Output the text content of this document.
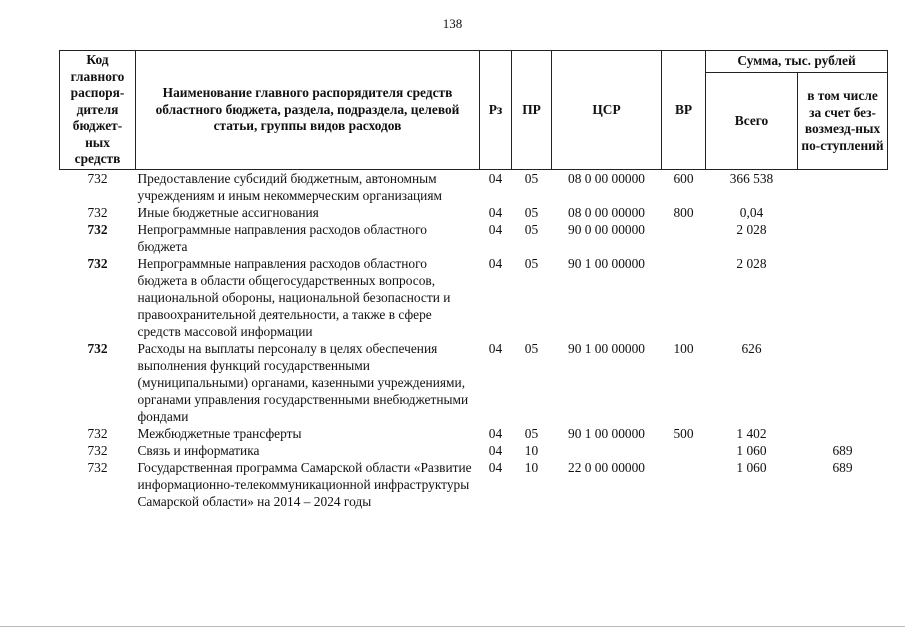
138
Код главного распоря-дителя бюджет-ных средств	Наименование главного распорядителя средств областного бюджета, раздела, подраздела, целевой статьи, группы видов расходов	Рз	ПР	ЦСР	ВР	Сумма, тыс. рублей	
						Всего	в том числе за счет без-возмезд-ных по-ступлений
732	Предоставление субсидий бюджетным, автономным учреждениям и иным некоммерческим организациям	04	05	08 0 00 00000	600	366 538	
732	Иные бюджетные ассигнования	04	05	08 0 00 00000	800	0,04	
732	Непрограммные направления расходов областного бюджета	04	05	90 0 00 00000		2 028	
732	Непрограммные направления расходов областного бюджета в области общегосударственных вопросов, национальной обороны, национальной безопасности и правоохранительной деятельности, а также в сфере средств массовой информации	04	05	90 1 00 00000		2 028	
732	Расходы на выплаты персоналу в целях обеспечения выполнения функций государственными (муниципальными) органами, казенными учреждениями, органами управления государственными внебюджетными фондами	04	05	90 1 00 00000	100	626	
732	Межбюджетные трансферты	04	05	90 1 00 00000	500	1 402	
732	Связь и информатика	04	10			1 060	689
732	Государственная программа Самарской области «Развитие информационно-телекоммуникационной инфраструктуры Самарской области» на 2014 – 2024 годы	04	10	22 0 00 00000		1 060	689
